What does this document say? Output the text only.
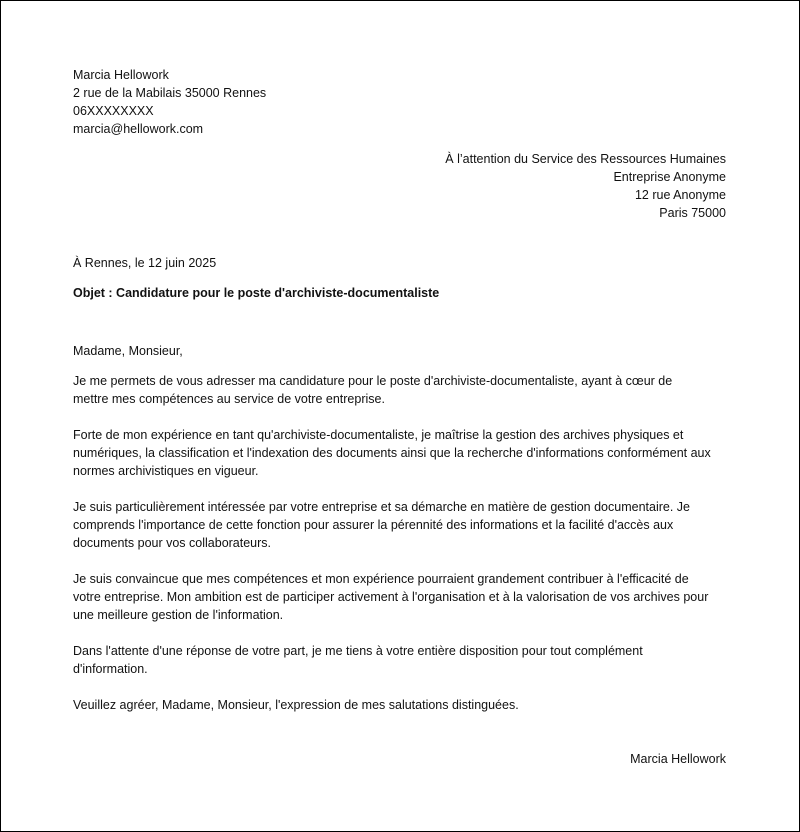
Marcia Hellowork
2 rue de la Mabilais 35000 Rennes
06XXXXXXXX
marcia@hellowork.com
À l’attention du Service des Ressources Humaines
Entreprise Anonyme
12 rue Anonyme
Paris 75000
À Rennes, le 12 juin 2025
Objet : Candidature pour le poste d'archiviste-documentaliste
Madame, Monsieur,

Je me permets de vous adresser ma candidature pour le poste d'archiviste-documentaliste, ayant à cœur de
mettre mes compétences au service de votre entreprise.

Forte de mon expérience en tant qu'archiviste-documentaliste, je maîtrise la gestion des archives physiques et
numériques, la classification et l'indexation des documents ainsi que la recherche d'informations conformément aux
normes archivistiques en vigueur.

Je suis particulièrement intéressée par votre entreprise et sa démarche en matière de gestion documentaire. Je
comprends l'importance de cette fonction pour assurer la pérennité des informations et la facilité d'accès aux
documents pour vos collaborateurs.

Je suis convaincue que mes compétences et mon expérience pourraient grandement contribuer à l'efficacité de
votre entreprise. Mon ambition est de participer activement à l'organisation et à la valorisation de vos archives pour
une meilleure gestion de l'information.

Dans l'attente d'une réponse de votre part, je me tiens à votre entière disposition pour tout complément
d'information.

Veuillez agréer, Madame, Monsieur, l'expression de mes salutations distinguées.
Marcia Hellowork
